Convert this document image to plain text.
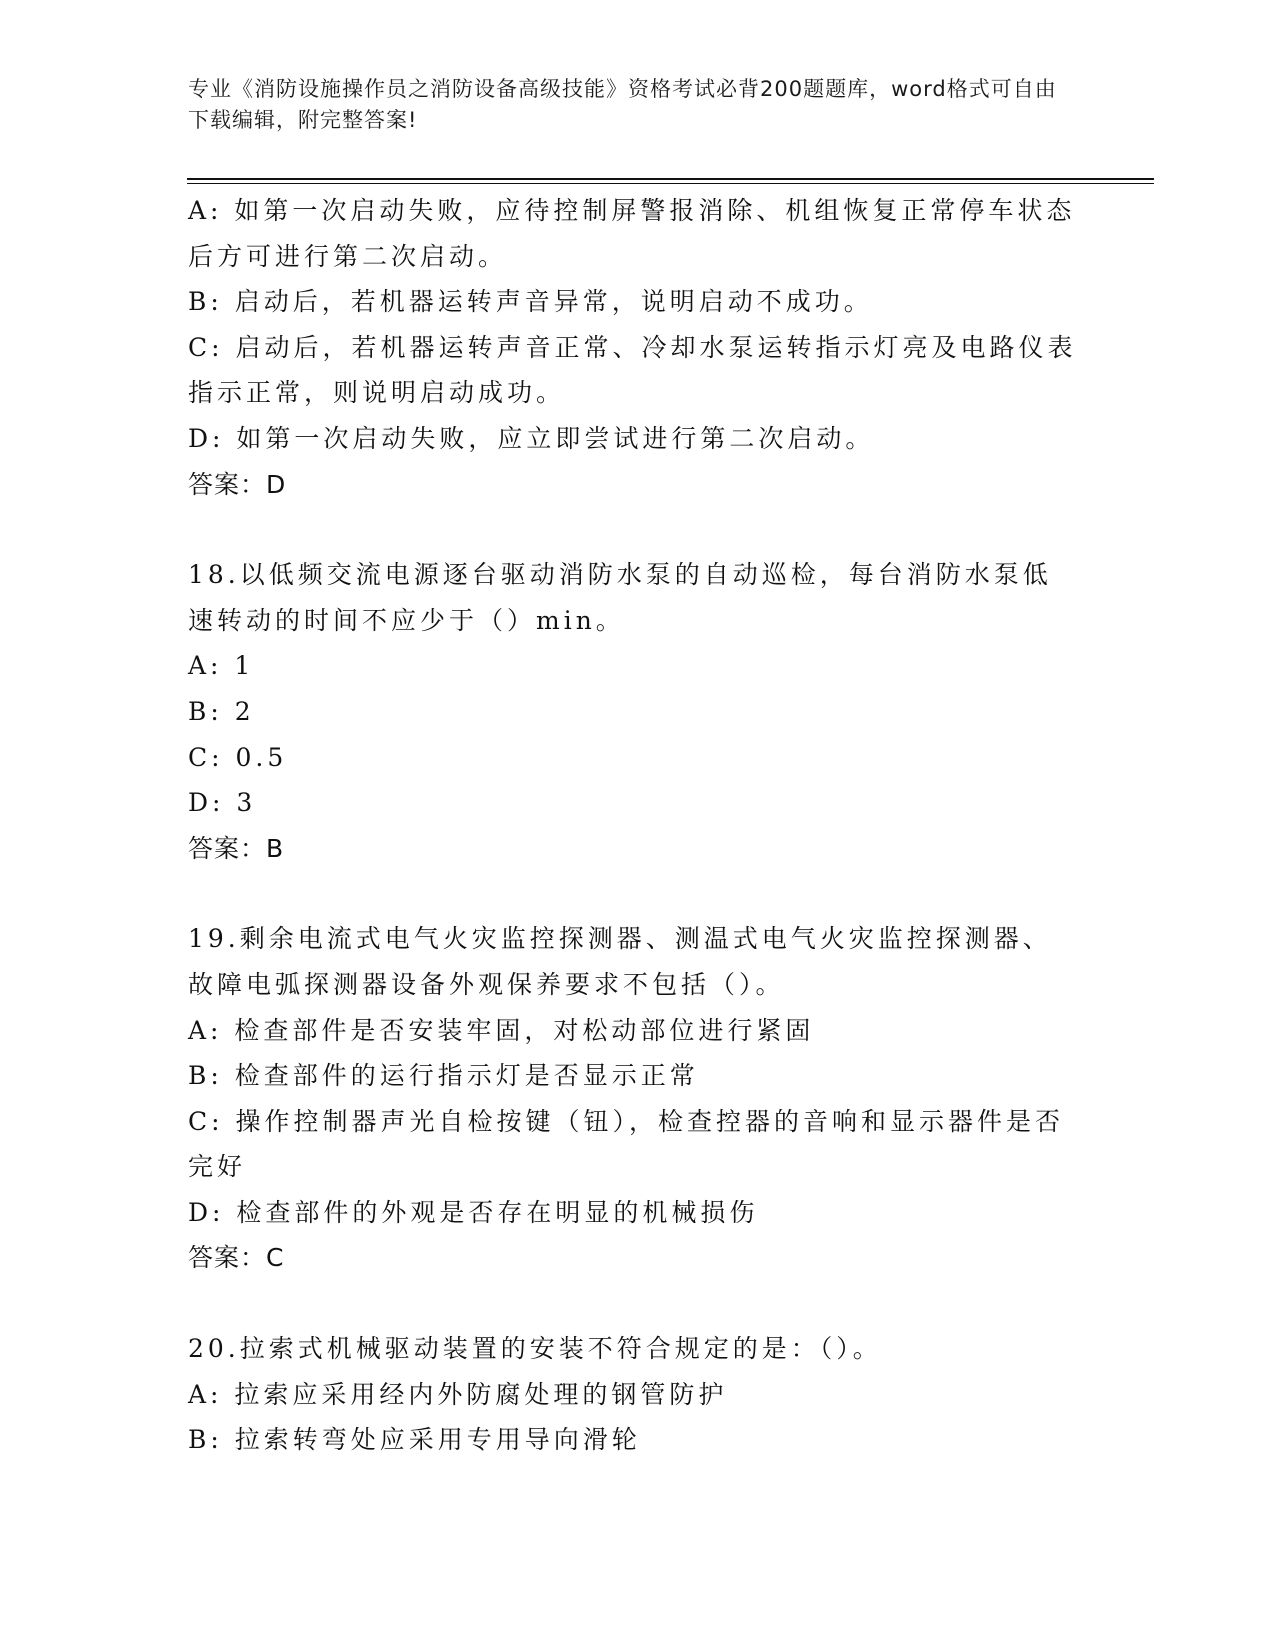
专业《消防设施操作员之消防设备高级技能》资格考试必背200题题库，word格式可自由下载编辑，附完整答案!
A: 如第一次启动失败，应待控制屏警报消除、机组恢复正常停车状态后方可进行第二次启动。
B: 启动后，若机器运转声音异常，说明启动不成功。
C: 启动后，若机器运转声音正常、冷却水泵运转指示灯亮及电路仪表指示正常，则说明启动成功。
D: 如第一次启动失败，应立即尝试进行第二次启动。
答案：D
18.以低频交流电源逐台驱动消防水泵的自动巡检，每台消防水泵低速转动的时间不应少于（）min。
A: 1
B: 2
C: 0.5
D: 3
答案：B
19.剩余电流式电气火灾监控探测器、测温式电气火灾监控探测器、故障电弧探测器设备外观保养要求不包括（）。
A: 检查部件是否安装牢固，对松动部位进行紧固
B: 检查部件的运行指示灯是否显示正常
C: 操作控制器声光自检按键（钮），检查控器的音响和显示器件是否完好
D: 检查部件的外观是否存在明显的机械损伤
答案：C
20.拉索式机械驱动装置的安装不符合规定的是：（）。
A: 拉索应采用经内外防腐处理的钢管防护
B: 拉索转弯处应采用专用导向滑轮
